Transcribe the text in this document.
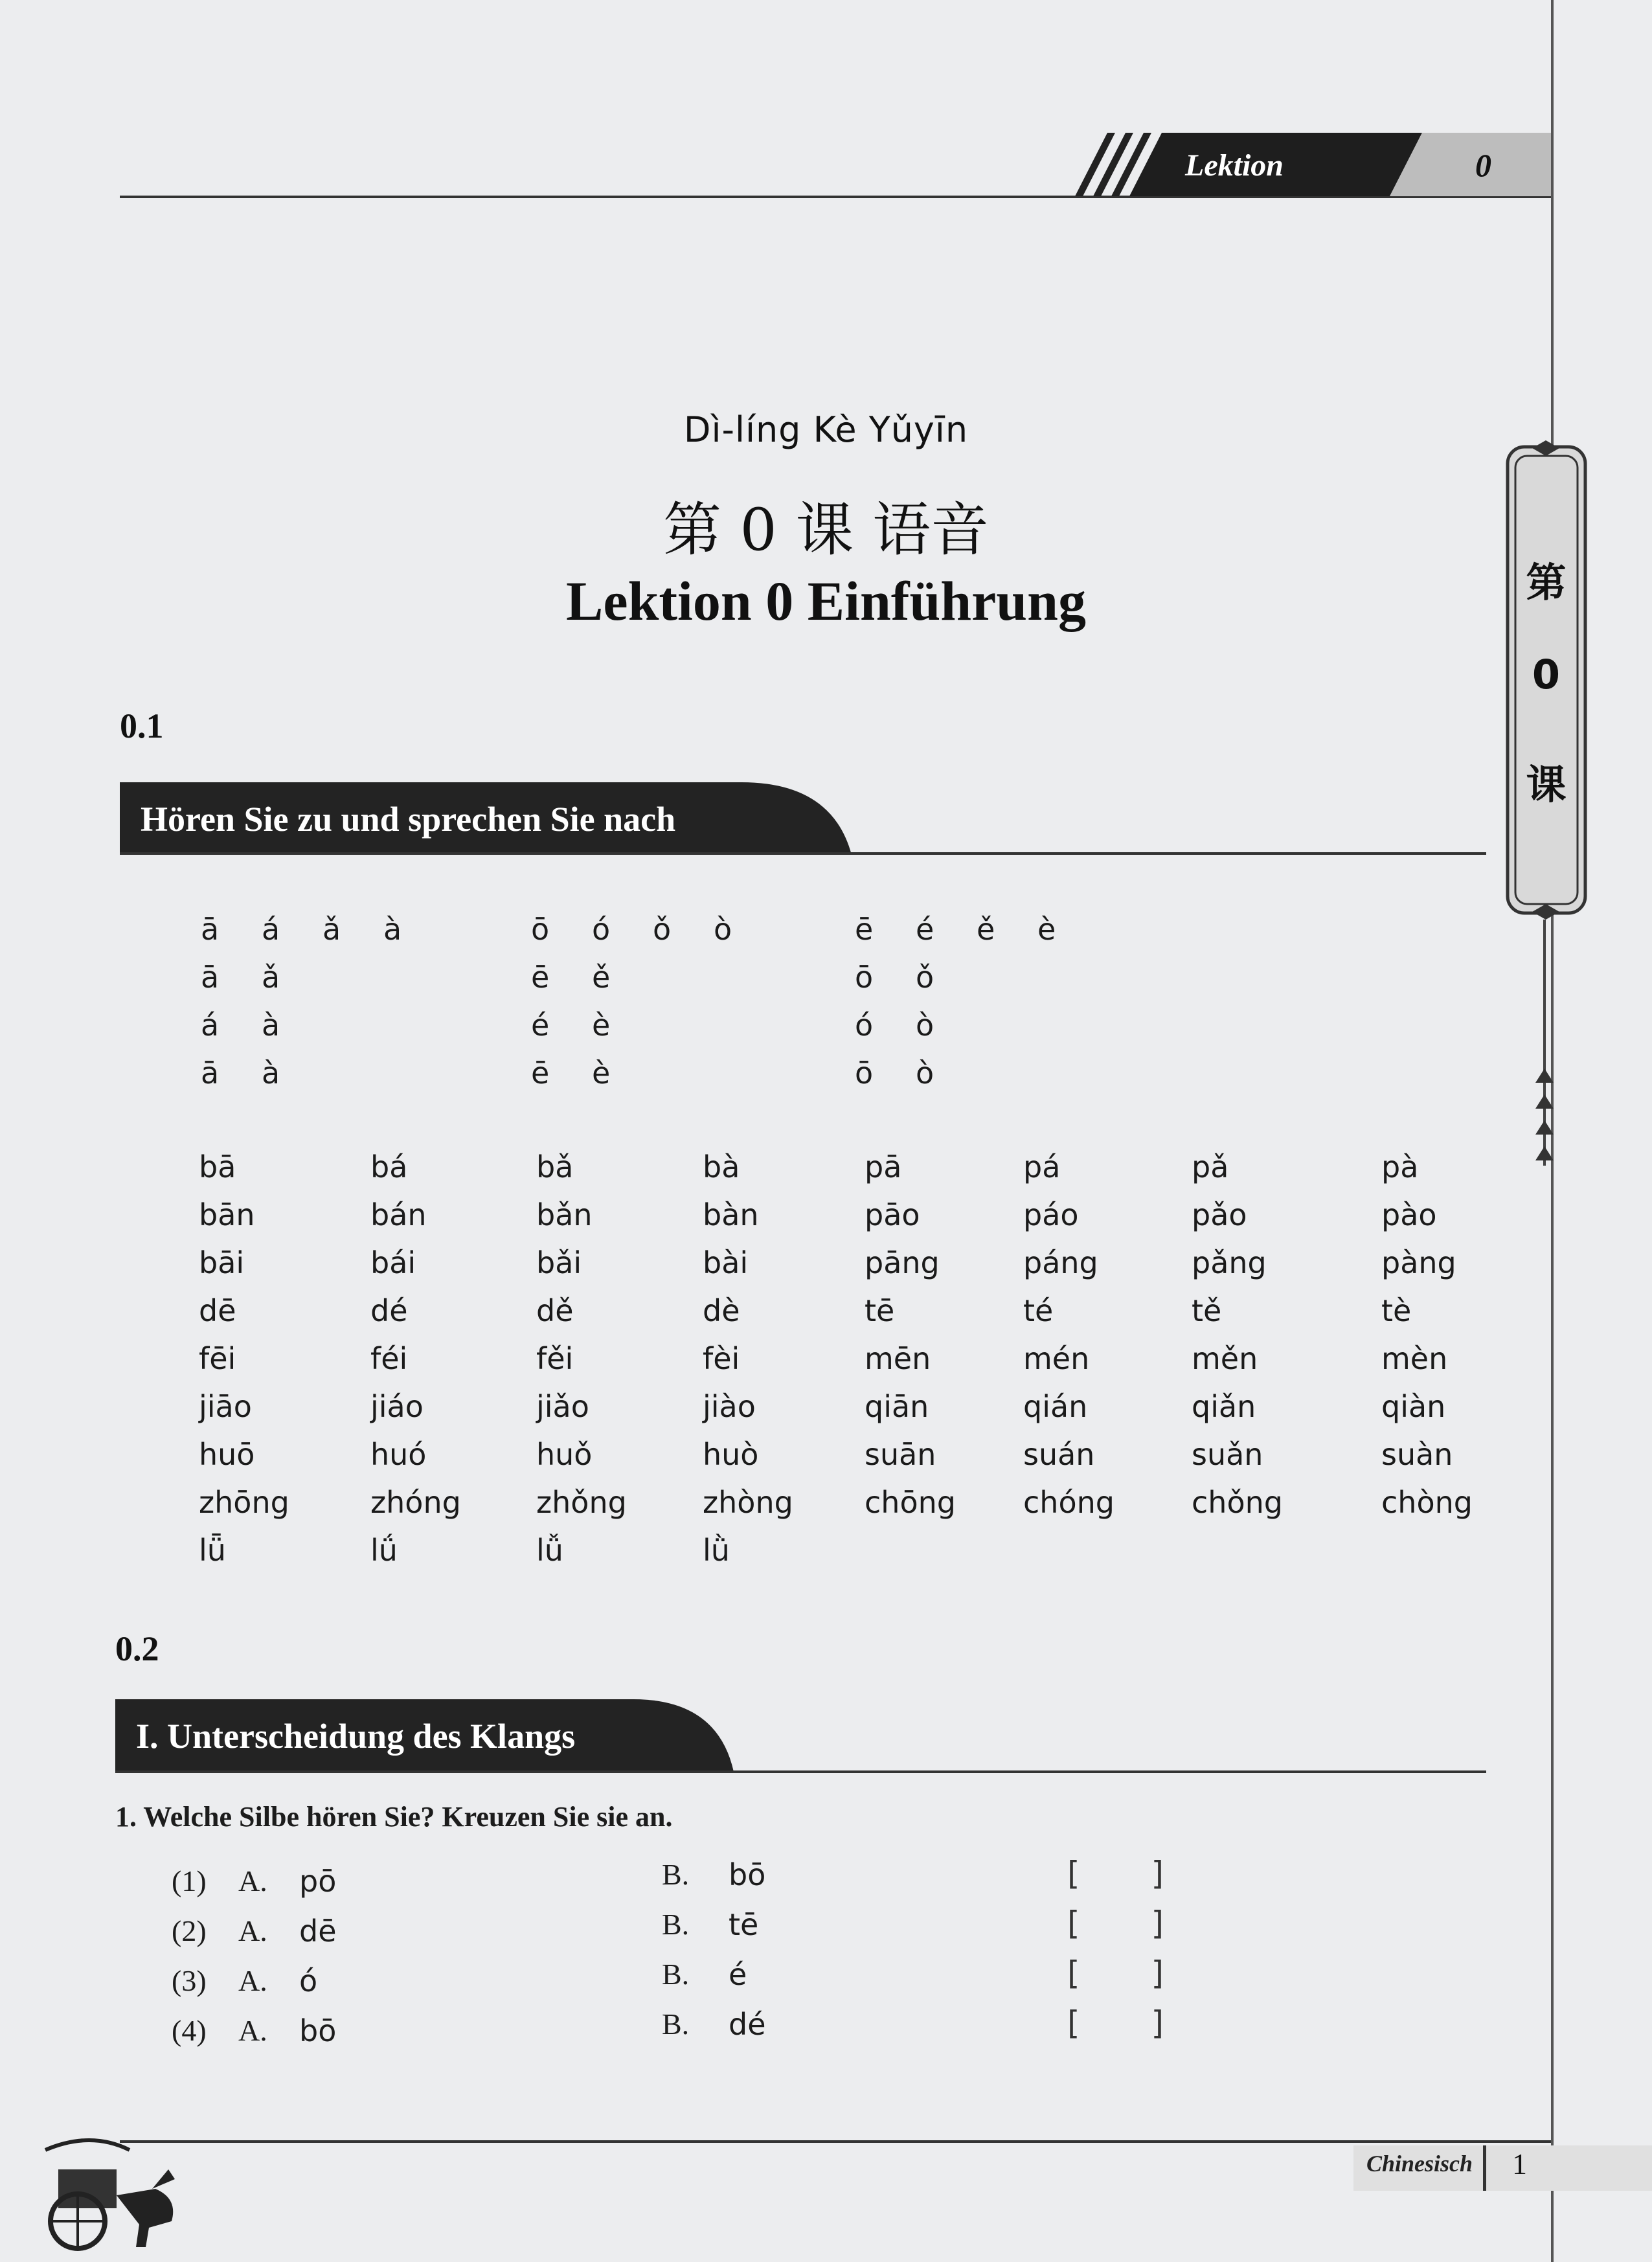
Lektion	0
第
0
课
Dì-líng Kè Yǔyīn
第 0 课 语音
Lektion 0 Einführung
0.1
Hören Sie zu und sprechen Sie nach
ā á ǎ à
ā ǎ
á à
ā à
ō ó ǒ ò
ē ě
é è
ē è
ē é ě è
ō ǒ
ó ò
ō ò
bā	bá	bǎ	bà	pā	pá	pǎ	pà
bān	bán	bǎn	bàn	pāo	páo	pǎo	pào
bāi	bái	bǎi	bài	pāng	páng	pǎng	pàng
dē	dé	dě	dè	tē	té	tě	tè
fēi	féi	fěi	fèi	mēn	mén	měn	mèn
jiāo	jiáo	jiǎo	jiào	qiān	qián	qiǎn	qiàn
huō	huó	huǒ	huò	suān	suán	suǎn	suàn
zhōng	zhóng	zhǒng	zhòng chōng chóng	chǒng	chòng
lǖ	lǘ	lǚ	lǜ
0.2
I. Unterscheidung des Klangs
1. Welche Silbe hören Sie? Kreuzen Sie sie an.
(1) A. pō	B. bō	[ ]
(2) A. dē	B. tē	[ ]
(3) A. ó	B. é	[ ]
(4) A. bō	B. dé	[ ]
Chinesisch 1
